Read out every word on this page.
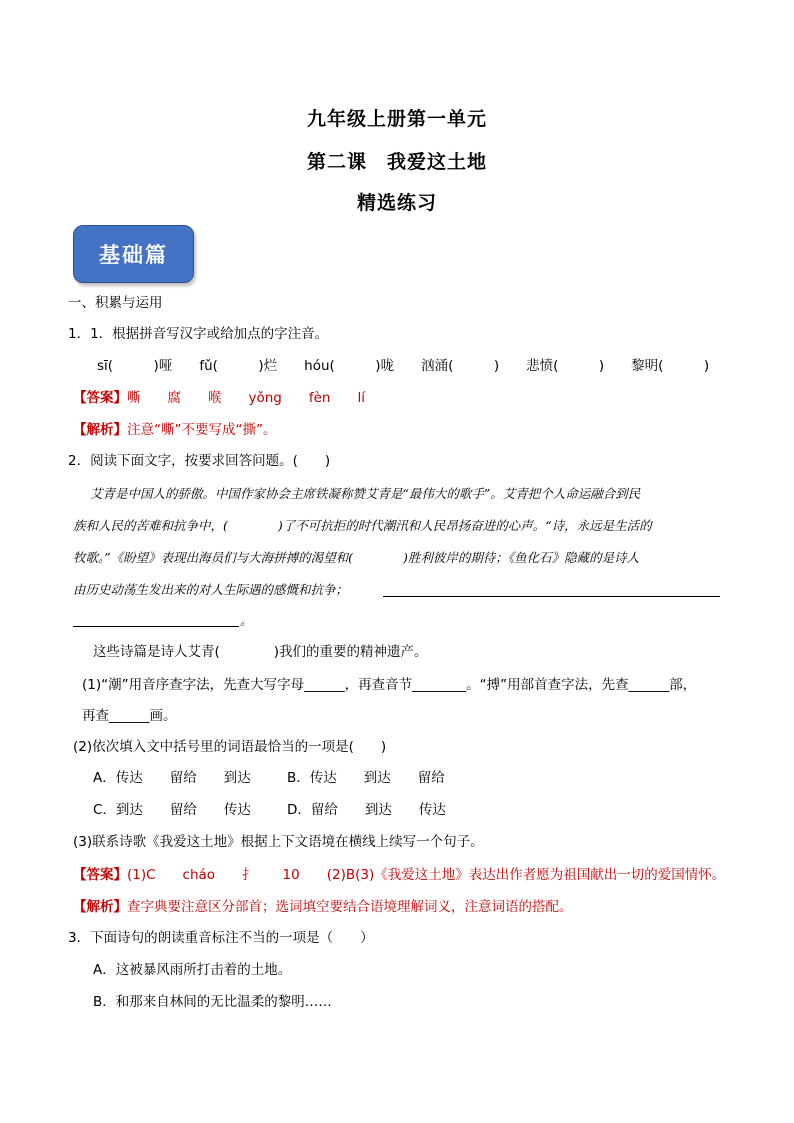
九年级上册第一单元
第二课　我爱这土地
精选练习
基础篇
一、积累与运用
1．1．根据拼音写汉字或给加点的字注音。
sī(　　　)哑　　fǔ(　　　)烂　　hóu(　　　)咙　　汹涌(　　　)　　悲愤(　　　)　　黎明(　　　)
【答案】嘶　　腐　　喉　　yǒng　　fèn　　lí
【解析】注意“嘶”不要写成“撕”。
2．阅读下面文字，按要求回答问题。(　　)
艾青是中国人的骄傲。中国作家协会主席铁凝称赞艾青是“最伟大的歌手”。艾青把个人命运融合到民
族和人民的苦难和抗争中，(　　　　)了不可抗拒的时代潮汛和人民昂扬奋进的心声。“诗，永远是生活的
牧歌。”《盼望》表现出海员们与大海拼搏的渴望和(　　　　)胜利彼岸的期待；《鱼化石》隐藏的是诗人
由历史动荡生发出来的对人生际遇的感慨和抗争；
。
这些诗篇是诗人艾青(　　　　)我们的重要的精神遗产。
(1)“潮”用音序查字法，先查大写字母______，再查音节________。“搏”用部首查字法，先查______部，
再查______画。
(2)依次填入文中括号里的词语最恰当的一项是(　　)
A．传达　　留给　　到达	B．传达　　到达　　留给
C．到达　　留给　　传达	D．留给　　到达　　传达
(3)联系诗歌《我爱这土地》根据上下文语境在横线上续写一个句子。
【答案】(1)C　　cháo　　扌　　10　　(2)B(3)《我爱这土地》表达出作者愿为祖国献出一切的爱国情怀。
【解析】查字典要注意区分部首；选词填空要结合语境理解词义，注意词语的搭配。
3．下面诗句的朗读重音标注不当的一项是（　　）
A．这被暴风雨所打击着的土地。
B．和那来自林间的无比温柔的黎明……
